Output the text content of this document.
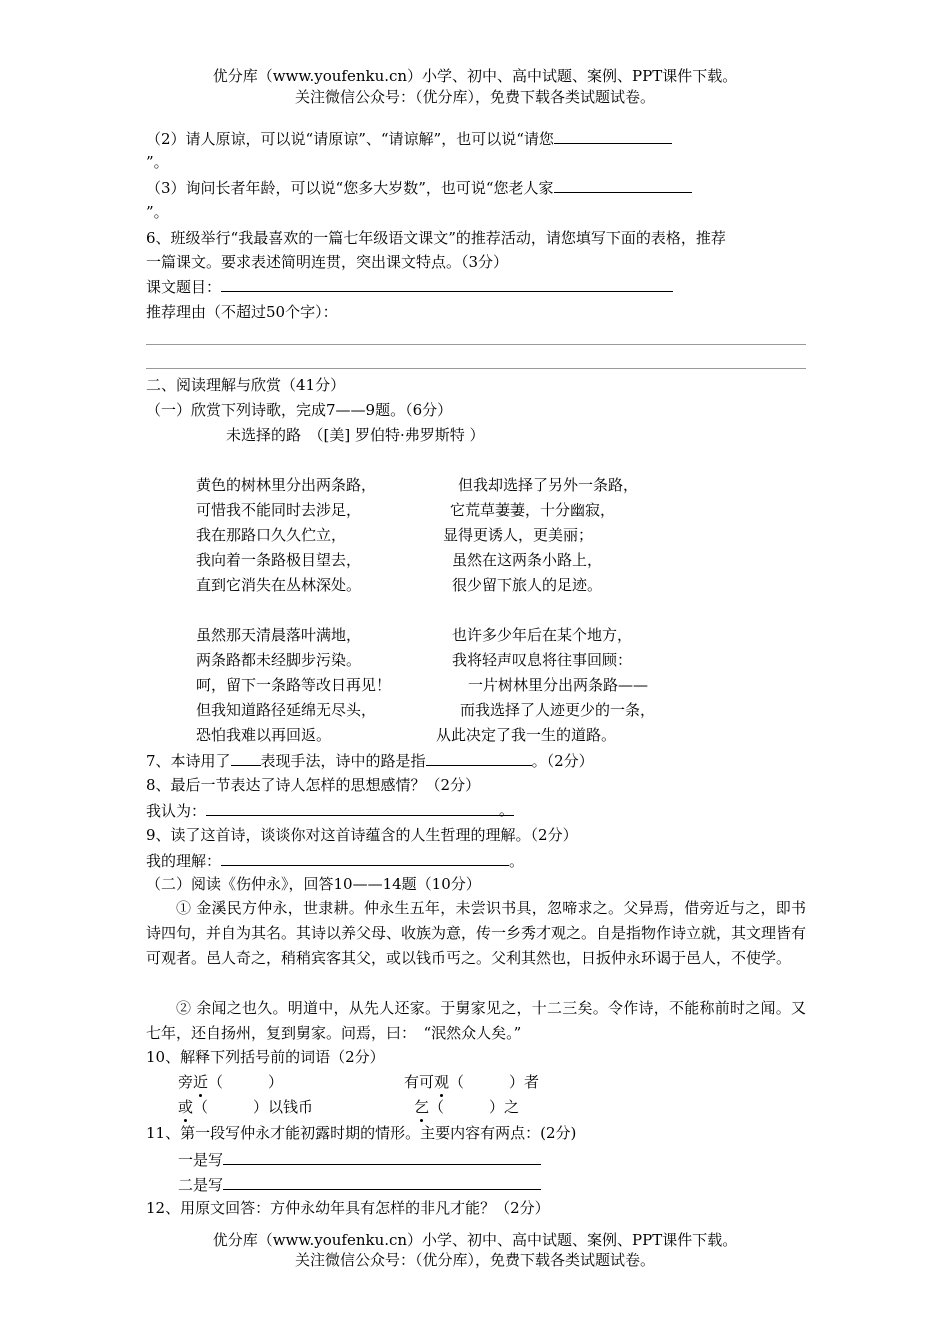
优分库（www.youfenku.cn）小学、初中、高中试题、案例、PPT课件下载。
关注微信公众号：（优分库），免费下载各类试题试卷。
（2）请人原谅，可以说“请原谅”、“请谅解”，也可以说“请您
”。
（3）询问长者年龄，可以说“您多大岁数”，也可说“您老人家
”。
6、班级举行“我最喜欢的一篇七年级语文课文”的推荐活动，请您填写下面的表格，推荐
一篇课文。要求表述简明连贯，突出课文特点。（3分）
课文题目：
推荐理由（不超过50个字）：
二、阅读理解与欣赏（41分）
（一）欣赏下列诗歌，完成7——9题。（6分）
未选择的路　（[美] 罗伯特·弗罗斯特 ）
黄色的树林里分出两条路，
可惜我不能同时去涉足，
我在那路口久久伫立，
我向着一条路极目望去，
直到它消失在丛林深处。
但我却选择了另外一条路，
它荒草萋萋，十分幽寂，
显得更诱人，更美丽；
虽然在这两条小路上，
很少留下旅人的足迹。
虽然那天清晨落叶满地，
两条路都未经脚步污染。
呵，留下一条路等改日再见！
但我知道路径延绵无尽头，
恐怕我难以再回返。
也许多少年后在某个地方，
我将轻声叹息将往事回顾：
一片树林里分出两条路——
而我选择了人迹更少的一条，
从此决定了我一生的道路。
7、本诗用了 表现手法，诗中的路是指	。（2分）
8、最后一节表达了诗人怎样的思想感情？（2分）
我认为：	。
9、读了这首诗，谈谈你对这首诗蕴含的人生哲理的理解。（2分）
我的理解：	。
（二）阅读《伤仲永》，回答10——14题（10分）
① 金溪民方仲永，世隶耕。仲永生五年，未尝识书具，忽啼求之。父异焉，借旁近与之，即书诗四句，并自为其名。其诗以养父母、收族为意，传一乡秀才观之。自是指物作诗立就，其文理皆有可观者。邑人奇之，稍稍宾客其父，或以钱币丐之。父利其然也，日扳仲永环谒于邑人，不使学。
② 余闻之也久。明道中，从先人还家。于舅家见之，十二三矣。令作诗，不能称前时之闻。又七年，还自扬州，复到舅家。问焉，曰：　“泯然众人矣。”
10、解释下列括号前的词语（2分）
旁近（　　　）	有可观（　　　）者
或（　　　）以钱币	乞（　　　）之
11、第一段写仲永才能初露时期的情形。主要内容有两点：(2分)
一是写
二是写
12、用原文回答：方仲永幼年具有怎样的非凡才能？（2分）
优分库（www.youfenku.cn）小学、初中、高中试题、案例、PPT课件下载。
关注微信公众号：（优分库），免费下载各类试题试卷。
